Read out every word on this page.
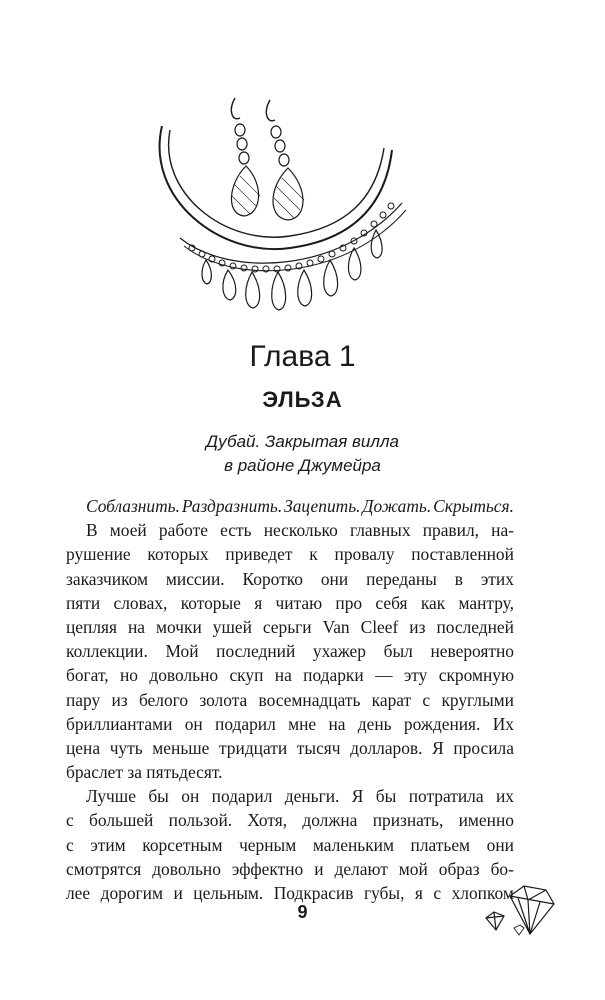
Глава 1
ЭЛЬЗА
Дубай. Закрытая вилла
в районе Джумейра
Соблазнить. Раздразнить. Зацепить. Дожать. Скрыться.
В моей работе есть несколько главных правил, на-
рушение которых приведет к провалу поставленной
заказчиком миссии. Коротко они переданы в этих
пяти словах, которые я читаю про себя как мантру,
цепляя на мочки ушей серьги Van Cleef из последней
коллекции. Мой последний ухажер был невероятно
богат, но довольно скуп на подарки — эту скромную
пару из белого золота восемнадцать карат с круглыми
бриллиантами он подарил мне на день рождения. Их
цена чуть меньше тридцати тысяч долларов. Я просила
браслет за пятьдесят.
Лучше бы он подарил деньги. Я бы потратила их
с большей пользой. Хотя, должна признать, именно
с этим корсетным черным маленьким платьем они
смотрятся довольно эффектно и делают мой образ бо-
лее дорогим и цельным. Подкрасив губы, я с хлопком
9
